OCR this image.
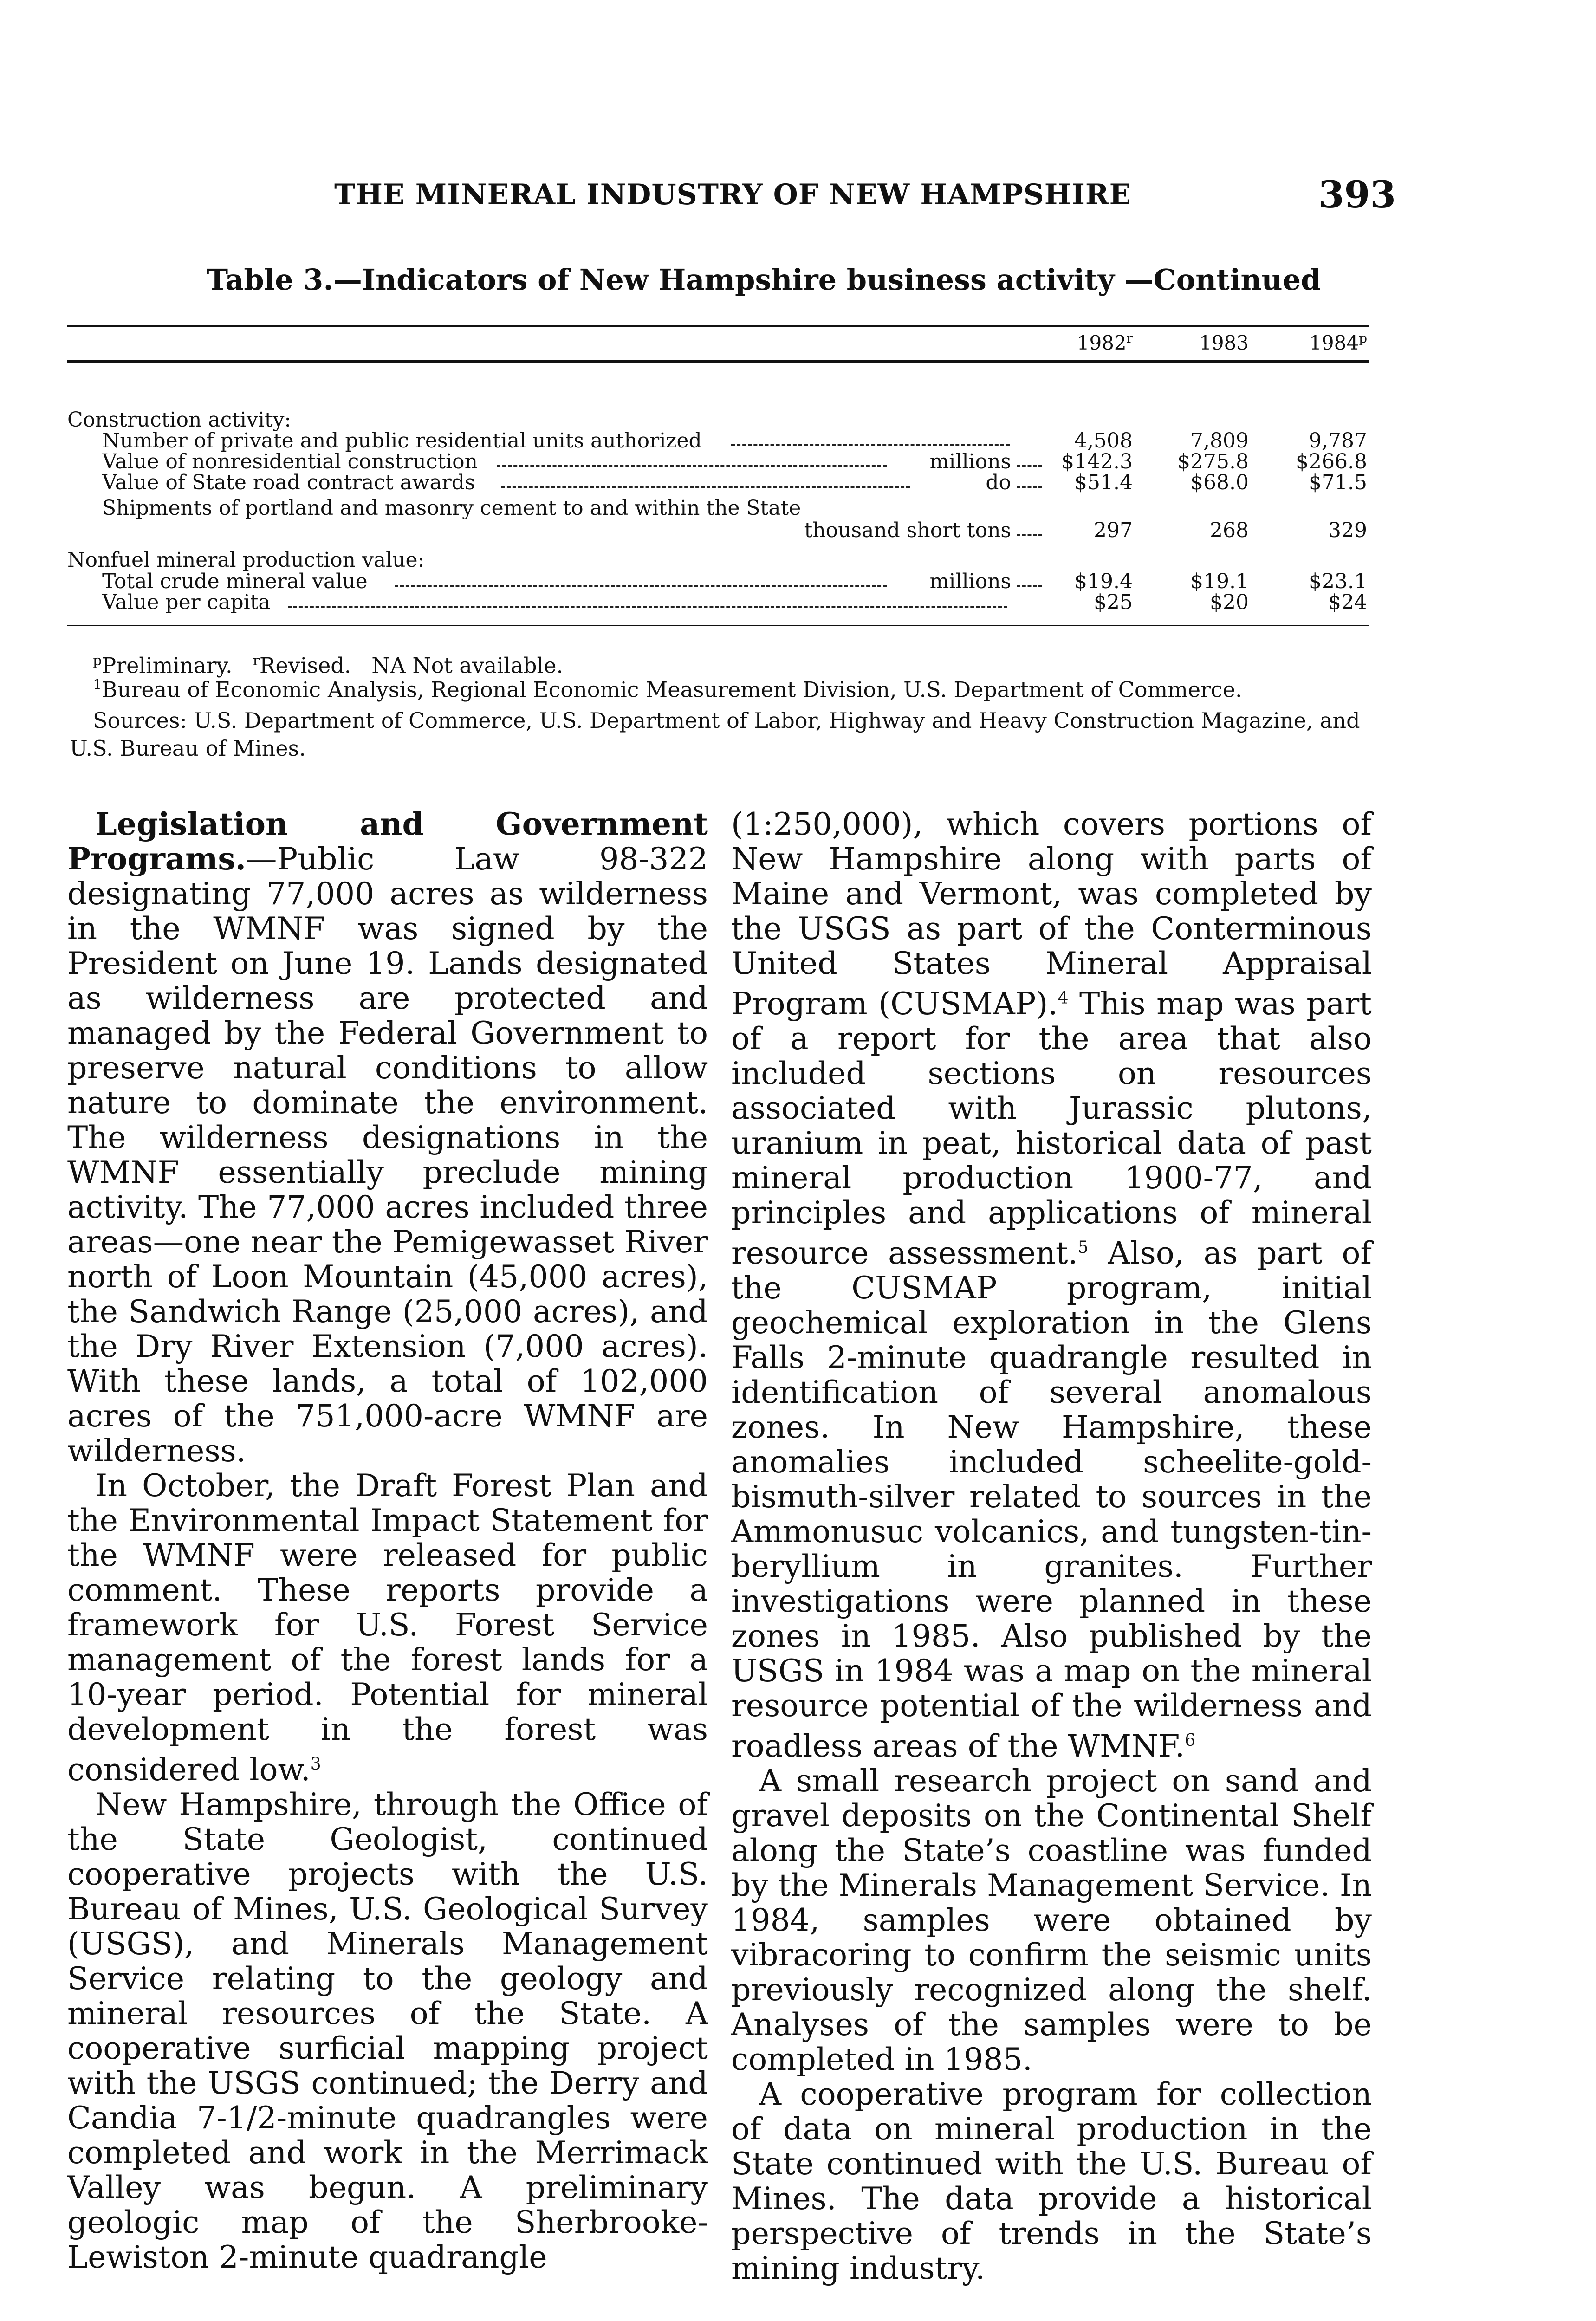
THE MINERAL INDUSTRY OF NEW HAMPSHIRE	393
Table 3.—Indicators of New Hampshire business activity —Continued
1982$^r$	1983	1984$^p$
Construction activity:
Number of private and public residential units authorized	4,508	7,809	9,787
Value of nonresidential construction	millions	$142.3	$275.8	$266.8
Value of State road contract awards	do	$51.4	$68.0	$71.5
Shipments of portland and masonry cement to and within the State
thousand short tons	297	268	329
Nonfuel mineral production value:
Total crude mineral value	millions	$19.4	$19.1	$23.1
Value per capita	$25	$20	$24
$^p$Preliminary. $^r$Revised. NA Not available.
$^1$Bureau of Economic Analysis, Regional Economic Measurement Division, U.S. Department of Commerce.
Sources: U.S. Department of Commerce, U.S. Department of Labor, Highway and Heavy Construction Magazine, and U.S. Bureau of Mines.

Legislation and Government Programs.—Public Law 98-322 designating 77,000 acres as wilderness in the WMNF was signed by the President on June 19. Lands designated as wilderness are protected and managed by the Federal Government to preserve natural conditions to allow nature to dominate the environment. The wilderness designations in the WMNF essentially preclude mining activity. The 77,000 acres included three areas—one near the Pemigewasset River north of Loon Mountain (45,000 acres), the Sandwich Range (25,000 acres), and the Dry River Extension (7,000 acres). With these lands, a total of 102,000 acres of the 751,000-acre WMNF are wilderness.

In October, the Draft Forest Plan and the Environmental Impact Statement for the WMNF were released for public comment. These reports provide a framework for U.S. Forest Service management of the forest lands for a 10-year period. Potential for mineral development in the forest was considered low.$^3$

New Hampshire, through the Office of the State Geologist, continued cooperative projects with the U.S. Bureau of Mines, U.S. Geological Survey (USGS), and Minerals Management Service relating to the geology and mineral resources of the State. A cooperative surficial mapping project with the USGS continued; the Derry and Candia 7-1/2-minute quadrangles were completed and work in the Merrimack Valley was begun. A preliminary geologic map of the Sherbrooke-Lewiston 2-minute quadrangle

(1:250,000), which covers portions of New Hampshire along with parts of Maine and Vermont, was completed by the USGS as part of the Conterminous United States Mineral Appraisal Program (CUSMAP).$^4$ This map was part of a report for the area that also included sections on resources associated with Jurassic plutons, uranium in peat, historical data of past mineral production 1900-77, and principles and applications of mineral resource assessment.$^5$ Also, as part of the CUSMAP program, initial geochemical exploration in the Glens Falls 2-minute quadrangle resulted in identification of several anomalous zones. In New Hampshire, these anomalies included scheelite-gold-bismuth-silver related to sources in the Ammonusuc volcanics, and tungsten-tin-beryllium in granites. Further investigations were planned in these zones in 1985. Also published by the USGS in 1984 was a map on the mineral resource potential of the wilderness and roadless areas of the WMNF.$^6$

A small research project on sand and gravel deposits on the Continental Shelf along the State’s coastline was funded by the Minerals Management Service. In 1984, samples were obtained by vibracoring to confirm the seismic units previously recognized along the shelf. Analyses of the samples were to be completed in 1985.

A cooperative program for collection of data on mineral production in the State continued with the U.S. Bureau of Mines. The data provide a historical perspective of trends in the State’s mining industry.
